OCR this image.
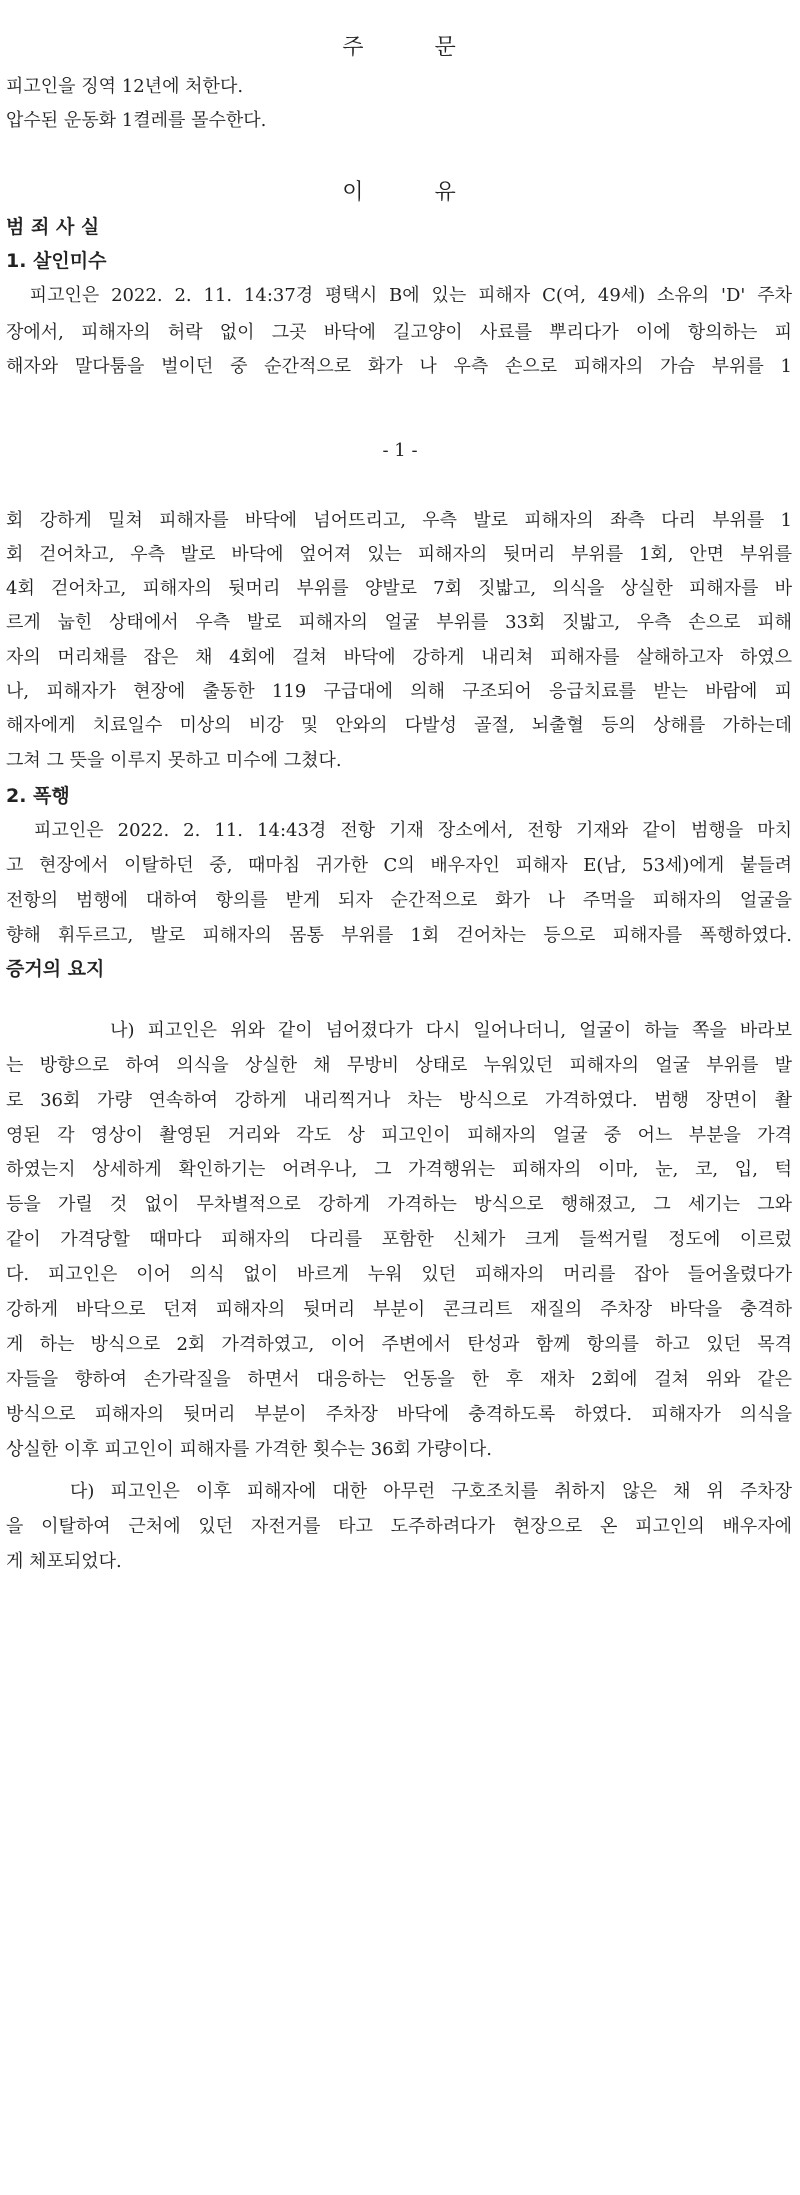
주 문
피고인을 징역 12년에 처한다.
압수된 운동화 1켤레를 몰수한다.
이 유
범 죄 사 실
1. 살인미수
피고인은 2022. 2. 11. 14:37경 평택시 B에 있는 피해자 C(여, 49세) 소유의 'D' 주차
장에서, 피해자의 허락 없이 그곳 바닥에 길고양이 사료를 뿌리다가 이에 항의하는 피
해자와 말다툼을 벌이던 중 순간적으로 화가 나 우측 손으로 피해자의 가슴 부위를 1
- 1 -
회 강하게 밀쳐 피해자를 바닥에 넘어뜨리고, 우측 발로 피해자의 좌측 다리 부위를 1
회 걷어차고, 우측 발로 바닥에 엎어져 있는 피해자의 뒷머리 부위를 1회, 안면 부위를
4회 걷어차고, 피해자의 뒷머리 부위를 양발로 7회 짓밟고, 의식을 상실한 피해자를 바
르게 눕힌 상태에서 우측 발로 피해자의 얼굴 부위를 33회 짓밟고, 우측 손으로 피해
자의 머리채를 잡은 채 4회에 걸쳐 바닥에 강하게 내리쳐 피해자를 살해하고자 하였으
나, 피해자가 현장에 출동한 119 구급대에 의해 구조되어 응급치료를 받는 바람에 피
해자에게 치료일수 미상의 비강 및 안와의 다발성 골절, 뇌출혈 등의 상해를 가하는데
그쳐 그 뜻을 이루지 못하고 미수에 그쳤다.
2. 폭행
피고인은 2022. 2. 11. 14:43경 전항 기재 장소에서, 전항 기재와 같이 범행을 마치
고 현장에서 이탈하던 중, 때마침 귀가한 C의 배우자인 피해자 E(남, 53세)에게 붙들려
전항의 범행에 대하여 항의를 받게 되자 순간적으로 화가 나 주먹을 피해자의 얼굴을
향해 휘두르고, 발로 피해자의 몸통 부위를 1회 걷어차는 등으로 피해자를 폭행하였다.
증거의 요지
나) 피고인은 위와 같이 넘어졌다가 다시 일어나더니, 얼굴이 하늘 쪽을 바라보
는 방향으로 하여 의식을 상실한 채 무방비 상태로 누워있던 피해자의 얼굴 부위를 발
로 36회 가량 연속하여 강하게 내리찍거나 차는 방식으로 가격하였다. 범행 장면이 촬
영된 각 영상이 촬영된 거리와 각도 상 피고인이 피해자의 얼굴 중 어느 부분을 가격
하였는지 상세하게 확인하기는 어려우나, 그 가격행위는 피해자의 이마, 눈, 코, 입, 턱
등을 가릴 것 없이 무차별적으로 강하게 가격하는 방식으로 행해졌고, 그 세기는 그와
같이 가격당할 때마다 피해자의 다리를 포함한 신체가 크게 들썩거릴 정도에 이르렀
다. 피고인은 이어 의식 없이 바르게 누워 있던 피해자의 머리를 잡아 들어올렸다가
강하게 바닥으로 던져 피해자의 뒷머리 부분이 콘크리트 재질의 주차장 바닥을 충격하
게 하는 방식으로 2회 가격하였고, 이어 주변에서 탄성과 함께 항의를 하고 있던 목격
자들을 향하여 손가락질을 하면서 대응하는 언동을 한 후 재차 2회에 걸쳐 위와 같은
방식으로 피해자의 뒷머리 부분이 주차장 바닥에 충격하도록 하였다. 피해자가 의식을
상실한 이후 피고인이 피해자를 가격한 횟수는 36회 가량이다.
다) 피고인은 이후 피해자에 대한 아무런 구호조치를 취하지 않은 채 위 주차장
을 이탈하여 근처에 있던 자전거를 타고 도주하려다가 현장으로 온 피고인의 배우자에
게 체포되었다.
